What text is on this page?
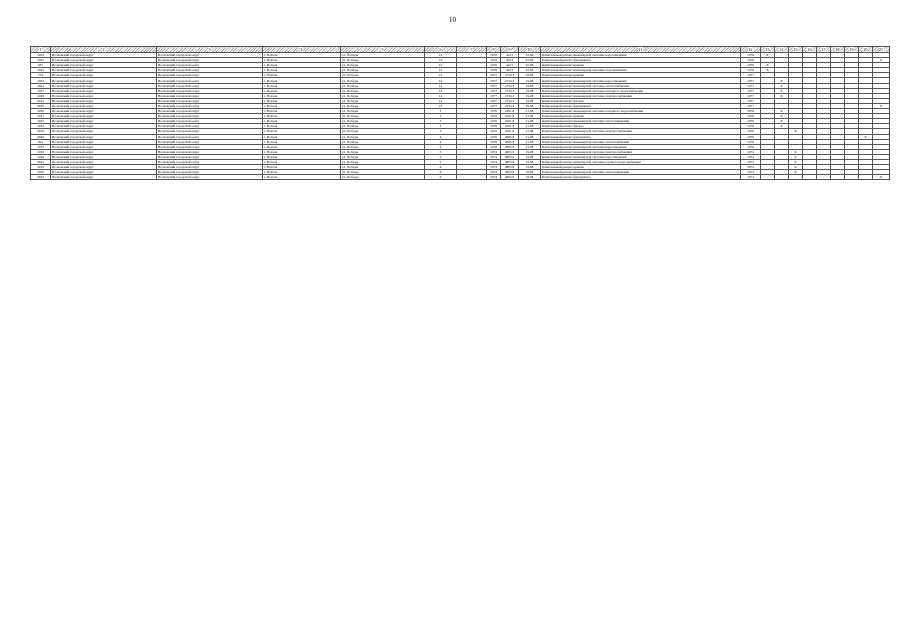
10
1	2	3	4	5	6	7	8	9	10	11	12	13	14	15	16	17	18	19	20	21
1024	Волховский городской округ	Волховский городской округ	г. Волхов	ул. Победы	12		1976	4413	25.06	Капитальный ремонт инженерной системы водоотведения	1976	X								
1025	Волховский городской округ	Волховский городской округ	г. Волхов	ул. Победы	12		1976	4413	25.06	Капитальный ремонт фундамента	1976									X
637	Волховский городской округ	Волховский городской округ	г. Волхов	ул. Победы	12		1976	4413	25.06	Капитальный ремонт крыши	1976	X								
1022	Волховский городской округ	Волховский городской округ	г. Волхов	ул. Победы	12		1976	4413	25.06	Капитальный ремонт инженерной системы газоснабжения	1976	X								
754	Волховский городской округ	Волховский городской округ	г. Волхов	ул. Победы	14		1977	2734.3	19.08	Капитальный ремонт крыши	1977									
1023	Волховский городской округ	Волховский городской округ	г. Волхов	ул. Победы	14		1977	2734.3	19.08	Капитальный ремонт инженерной системы водоотведения	1977		X							
1604	Волховский городской округ	Волховский городской округ	г. Волхов	ул. Победы	14		1977	2734.3	19.08	Капитальный ремонт инженерной системы теплоснабжения	1977		X							
1027	Волховский городской округ	Волховский городской округ	г. Волхов	ул. Победы	14		1977	2734.3	19.08	Капитальный ремонт инженерной системы холодного водоснабжения	1977		X							
1028	Волховский городской округ	Волховский городской округ	г. Волхов	ул. Победы	14		1977	2734.3	19.08	Капитальный ремонт инженерной системы электроснабжения	1977		X							
2013	Волховский городской округ	Волховский городской округ	г. Волхов	ул. Победы	14		1977	2734.3	19.08	Капитальный ремонт фасада	1977									
2039	Волховский городской округ	Волховский городской округ	г. Волхов	ул. Победы	14		1977	2734.3	19.08	Капитальный ремонт фундамента	1977									X
1030	Волховский городской округ	Волховский городской округ	г. Волхов	ул. Победы	3		1976	2201.8	21.08	Капитальный ремонт инженерной системы холодного водоснабжения	1976		X							
1031	Волховский городской округ	Волховский городской округ	г. Волхов	ул. Победы	3		1976	2201.8	21.08	Капитальный ремонт крыши	1976		X							
1032	Волховский городской округ	Волховский городской округ	г. Волхов	ул. Победы	3		1976	2201.8	21.08	Капитальный ремонт инженерной системы теплоснабжения	1976		X							
1034	Волховский городской округ	Волховский городской округ	г. Волхов	ул. Победы	3		1976	2201.8	21.08	Капитальный ремонт фасада	1976		X							
2019	Волховский городской округ	Волховский городской округ	г. Волхов	ул. Победы	3		1976	2201.8	21.08	Капитальный ремонт инженерной системы электроснабжения	1976			X						
2046	Волховский городской округ	Волховский городской округ	г. Волхов	ул. Победы	4		1976	2895.8	21.08	Капитальный ремонт фундамента	1976								X	
852	Волховский городской округ	Волховский городской округ	г. Волхов	ул. Победы	4		1976	2895.8	21.08	Капитальный ремонт инженерной системы теплоснабжения	1976									
1035	Волховский городской округ	Волховский городской округ	г. Волхов	ул. Победы	4		1976	2895.8	21.08	Капитальный ремонт инженерной системы водоотведения	1976									
1036	Волховский городской округ	Волховский городской округ	г. Волхов	ул. Победы	5		1974	4803.9	19.08	Капитальный ремонт инженерной системы электроснабжения	1974			X						
1038	Волховский городской округ	Волховский городской округ	г. Волхов	ул. Победы	5		1974	4803.9	19.08	Капитальный ремонт инженерной системы водоотведения	1974			X						
2041	Волховский городской округ	Волховский городской округ	г. Волхов	ул. Победы	5		1974	4803.9	19.08	Капитальный ремонт инженерной системы горячего водоснабжения	1974			X						
1039	Волховский городской округ	Волховский городской округ	г. Волхов	ул. Победы	6		1974	4803.9	19.08	Капитальный ремонт крыши	1974			X						
1040	Волховский городской округ	Волховский городской округ	г. Волхов	ул. Победы	6		1974	4803.9	19.08	Капитальный ремонт инженерной системы теплоснабжения	1974			X						
2043	Волховский городской округ	Волховский городской округ	г. Волхов	ул. Победы	6		1974	4803.9	19.08	Капитальный ремонт фундамента	1974									X
